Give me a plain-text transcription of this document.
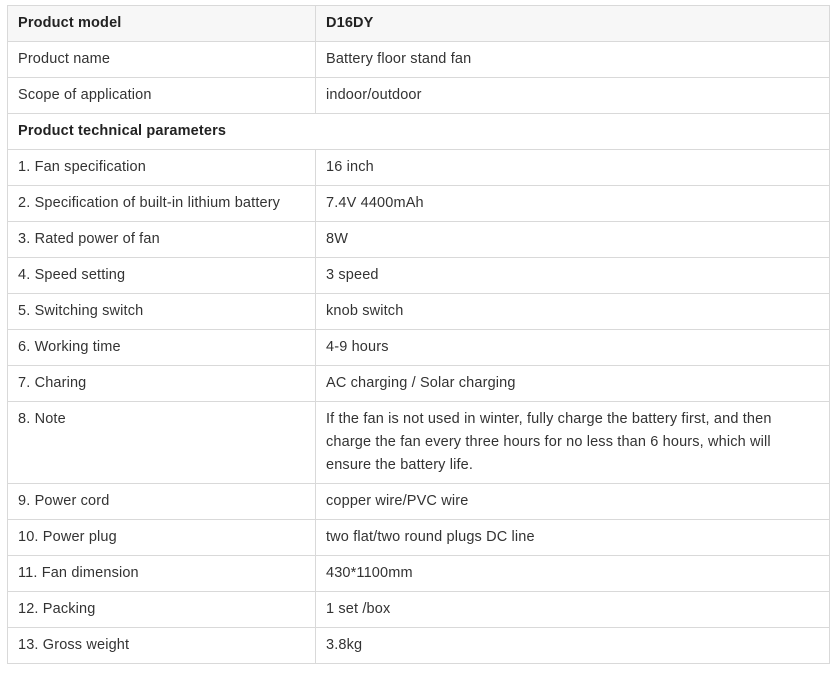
Product model	D16DY
Product name	Battery floor stand fan
Scope of application	indoor/outdoor
Product technical parameters	
1. Fan specification	16 inch
2. Specification of built-in lithium battery	7.4V 4400mAh
3. Rated power of fan	8W
4. Speed setting	3 speed
5. Switching switch	knob switch
6. Working time	4-9 hours
7. Charing	AC charging / Solar charging
8. Note	If the fan is not used in winter, fully charge the battery first, and then charge the fan every three hours for no less than 6 hours, which will ensure the battery life.
9. Power cord	copper wire/PVC wire
10. Power plug	two flat/two round plugs DC line
11. Fan dimension	430*1100mm
12. Packing	1 set /box
13. Gross weight	3.8kg
